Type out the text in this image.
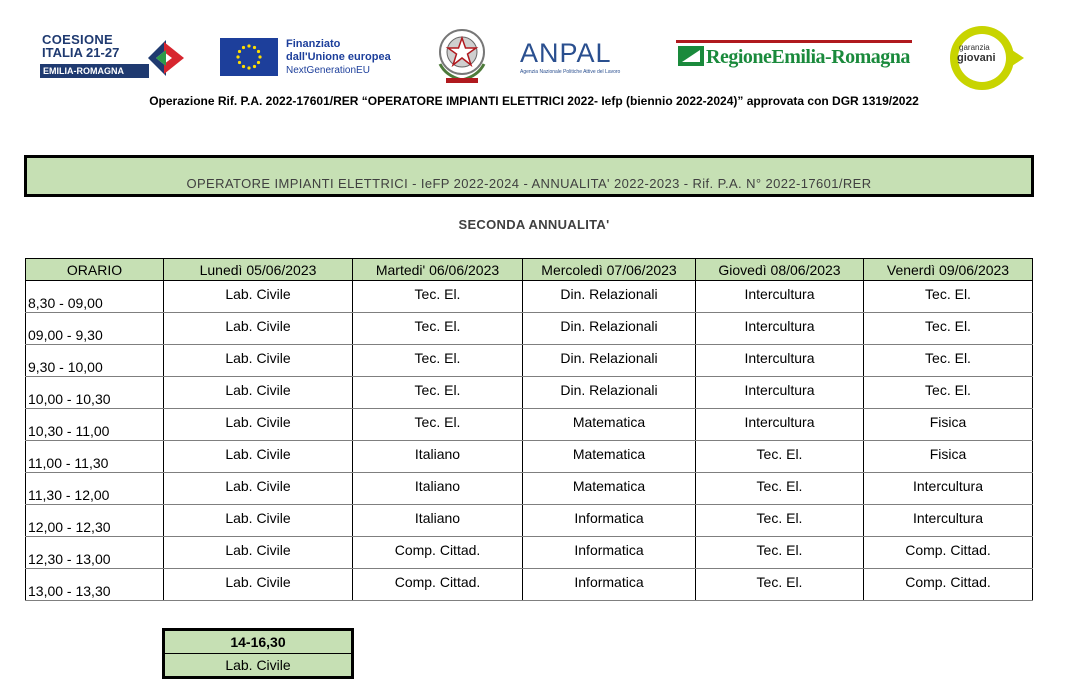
COESIONE
ITALIA 21-27
EMILIA-ROMAGNA
Finanziato
dall'Unione europea
NextGenerationEU
ANPAL
Agenzia Nazionale Politiche Attive del Lavoro
RegioneEmilia-Romagna	garanzia
giovani
Operazione Rif. P.A. 2022-17601/RER “OPERATORE IMPIANTI ELETTRICI 2022- Iefp (biennio 2022-2024)” approvata con DGR 1319/2022
OPERATORE IMPIANTI ELETTRICI - IeFP 2022-2024 - ANNUALITA' 2022-2023 - Rif. P.A. N° 2022-17601/RER
SECONDA ANNUALITA'
ORARIO	Lunedì 05/06/2023	Martedi' 06/06/2023	Mercoledì 07/06/2023	Giovedì 08/06/2023	Venerdì 09/06/2023

8,30 - 09,00	Lab. Civile	Tec. El.	Din. Relazionali	Intercultura	Tec. El.

09,00 - 9,30	Lab. Civile	Tec. El.	Din. Relazionali	Intercultura	Tec. El.

9,30 - 10,00	Lab. Civile	Tec. El.	Din. Relazionali	Intercultura	Tec. El.

10,00 - 10,30	Lab. Civile	Tec. El.	Din. Relazionali	Intercultura	Tec. El.

10,30 - 11,00	Lab. Civile	Tec. El.	Matematica	Intercultura	Fisica

11,00 - 11,30	Lab. Civile	Italiano	Matematica	Tec. El.	Fisica

11,30 - 12,00	Lab. Civile	Italiano	Matematica	Tec. El.	Intercultura

12,00 - 12,30	Lab. Civile	Italiano	Informatica	Tec. El.	Intercultura

12,30 - 13,00	Lab. Civile	Comp. Cittad.	Informatica	Tec. El.	Comp. Cittad.

13,00 - 13,30	Lab. Civile	Comp. Cittad.	Informatica	Tec. El.	Comp. Cittad.
14-16,30
Lab. Civile
